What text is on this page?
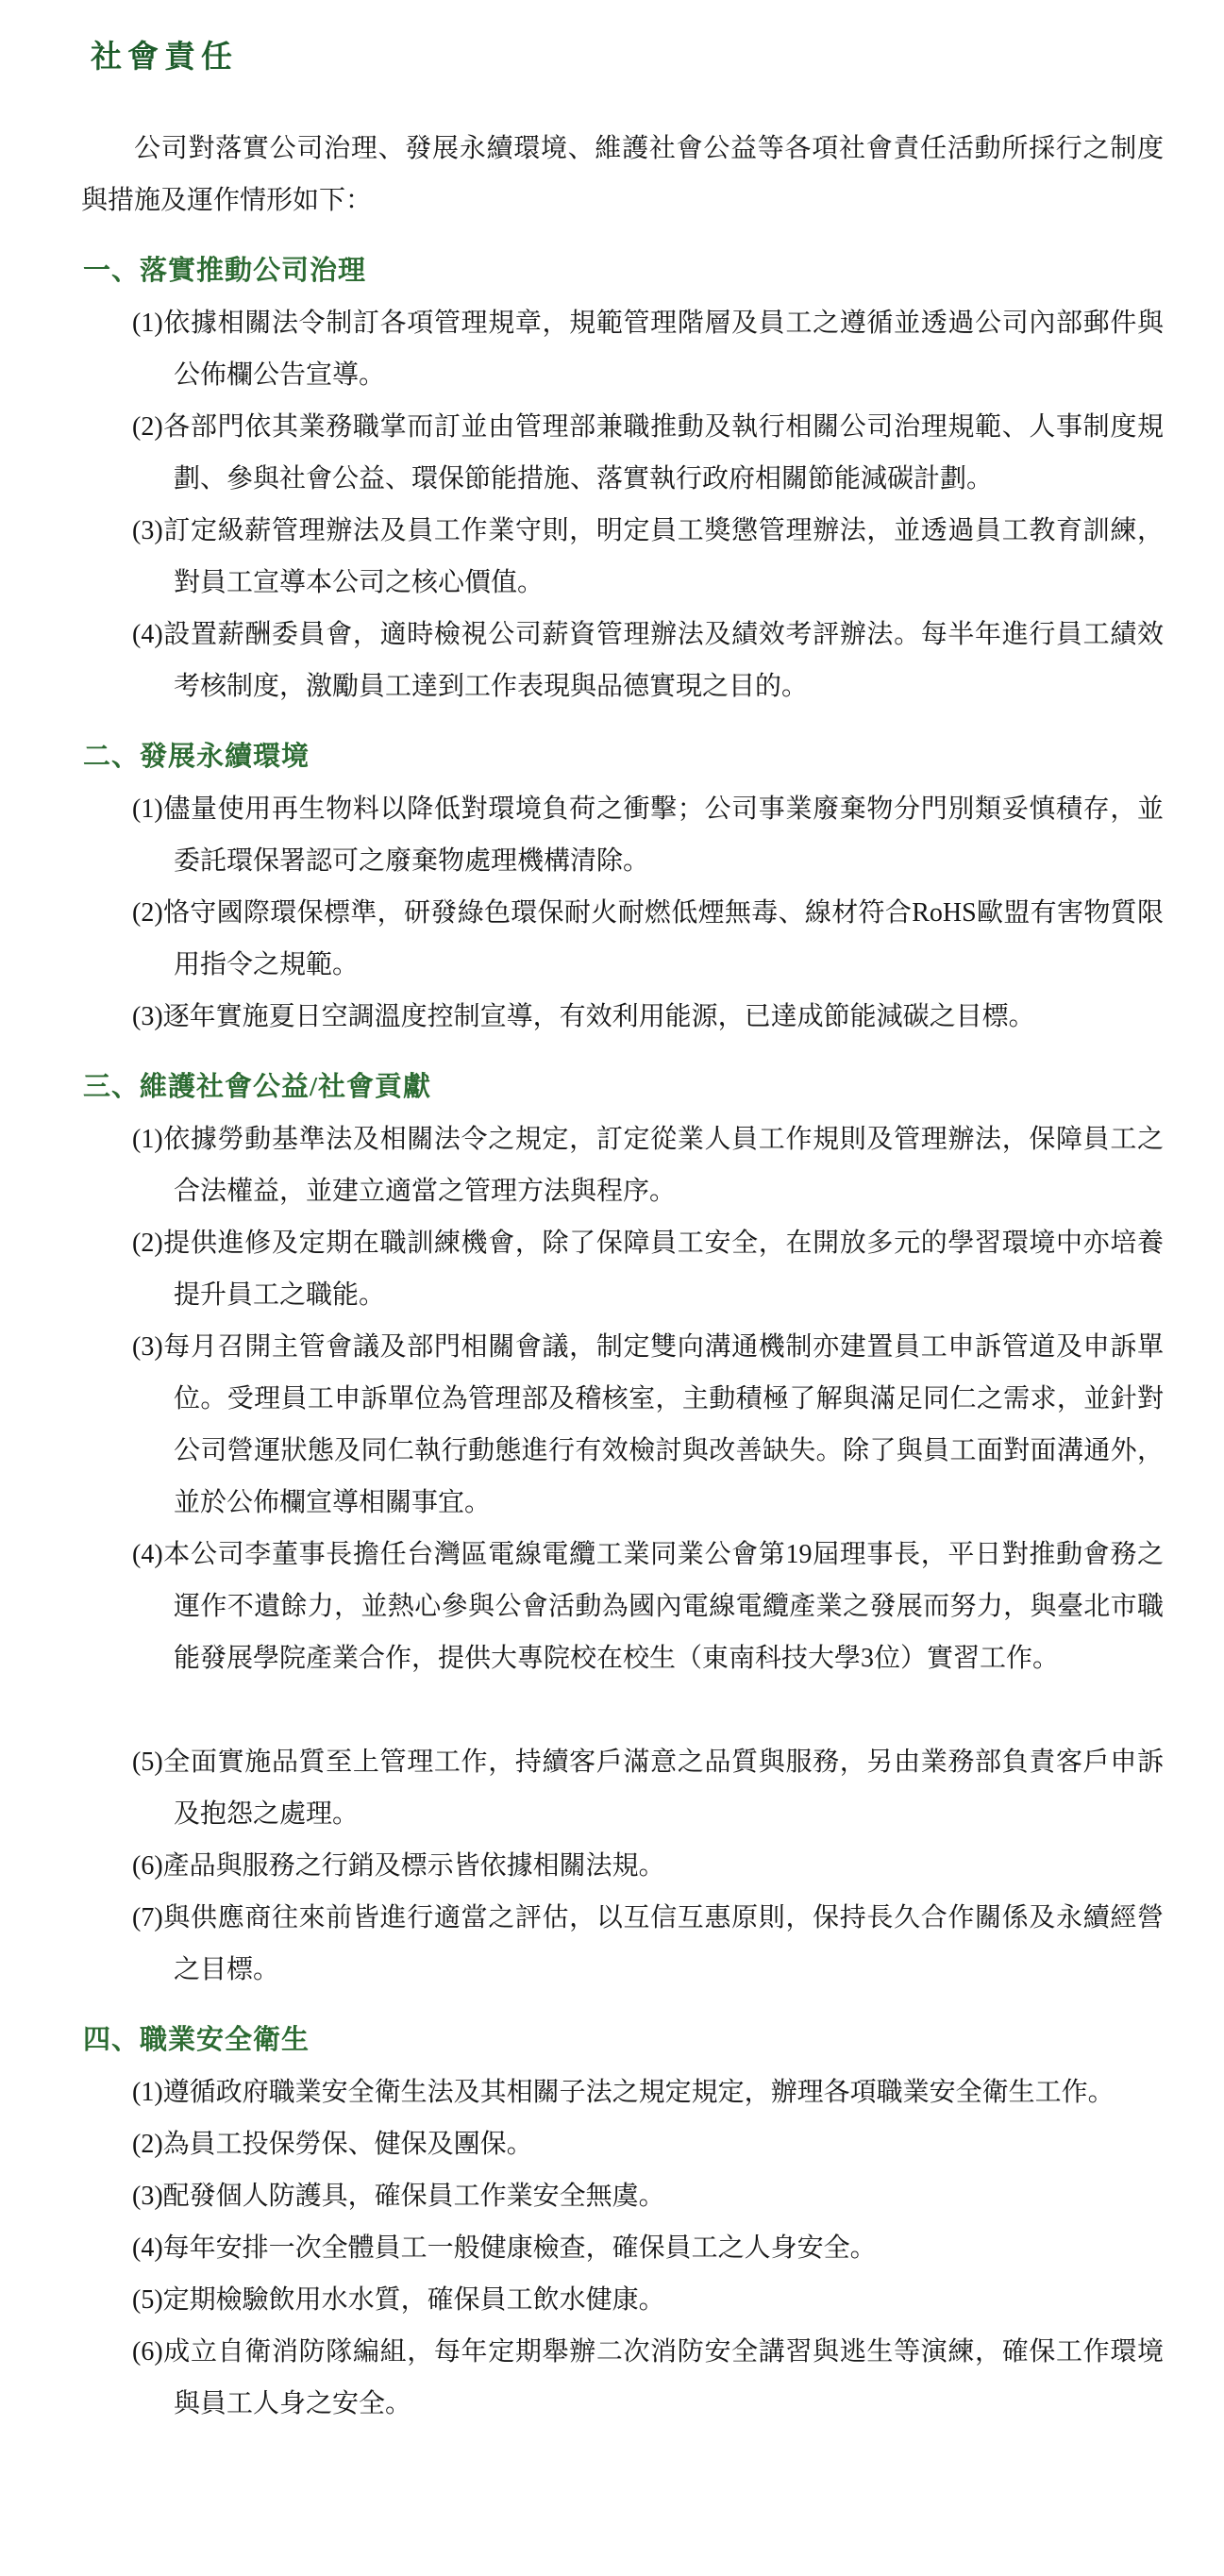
社會責任

公司對落實公司治理、發展永續環境、維護社會公益等各項社會責任活動所採行之制度與措施及運作情形如下：

一、落實推動公司治理

(1)依據相關法令制訂各項管理規章，規範管理階層及員工之遵循並透過公司內部郵件與公佈欄公告宣導。

(2)各部門依其業務職掌而訂並由管理部兼職推動及執行相關公司治理規範、人事制度規劃、參與社會公益、環保節能措施、落實執行政府相關節能減碳計劃。

(3)訂定級薪管理辦法及員工作業守則，明定員工獎懲管理辦法，並透過員工教育訓練，對員工宣導本公司之核心價值。

(4)設置薪酬委員會，適時檢視公司薪資管理辦法及績效考評辦法。每半年進行員工績效考核制度，激勵員工達到工作表現與品德實現之目的。

二、發展永續環境

(1)儘量使用再生物料以降低對環境負荷之衝擊；公司事業廢棄物分門別類妥慎積存，並委託環保署認可之廢棄物處理機構清除。

(2)恪守國際環保標準，研發綠色環保耐火耐燃低煙無毒、線材符合RoHS歐盟有害物質限用指令之規範。

(3)逐年實施夏日空調溫度控制宣導，有效利用能源，已達成節能減碳之目標。

三、維護社會公益/社會貢獻

(1)依據勞動基準法及相關法令之規定，訂定從業人員工作規則及管理辦法，保障員工之合法權益，並建立適當之管理方法與程序。

(2)提供進修及定期在職訓練機會，除了保障員工安全，在開放多元的學習環境中亦培養提升員工之職能。

(3)每月召開主管會議及部門相關會議，制定雙向溝通機制亦建置員工申訴管道及申訴單位。受理員工申訴單位為管理部及稽核室，主動積極了解與滿足同仁之需求，並針對公司營運狀態及同仁執行動態進行有效檢討與改善缺失。除了與員工面對面溝通外，並於公佈欄宣導相關事宜。

(4)本公司李董事長擔任台灣區電線電纜工業同業公會第19屆理事長，平日對推動會務之運作不遺餘力，並熱心參與公會活動為國內電線電纜產業之發展而努力，與臺北市職能發展學院產業合作，提供大專院校在校生（東南科技大學3位）實習工作。

(5)全面實施品質至上管理工作，持續客戶滿意之品質與服務，另由業務部負責客戶申訴及抱怨之處理。

(6)產品與服務之行銷及標示皆依據相關法規。

(7)與供應商往來前皆進行適當之評估，以互信互惠原則，保持長久合作關係及永續經營之目標。

四、職業安全衛生

(1)遵循政府職業安全衛生法及其相關子法之規定規定，辦理各項職業安全衛生工作。

(2)為員工投保勞保、健保及團保。

(3)配發個人防護具，確保員工作業安全無虞。

(4)每年安排一次全體員工一般健康檢查，確保員工之人身安全。

(5)定期檢驗飲用水水質，確保員工飲水健康。

(6)成立自衛消防隊編組，每年定期舉辦二次消防安全講習與逃生等演練，確保工作環境與員工人身之安全。
